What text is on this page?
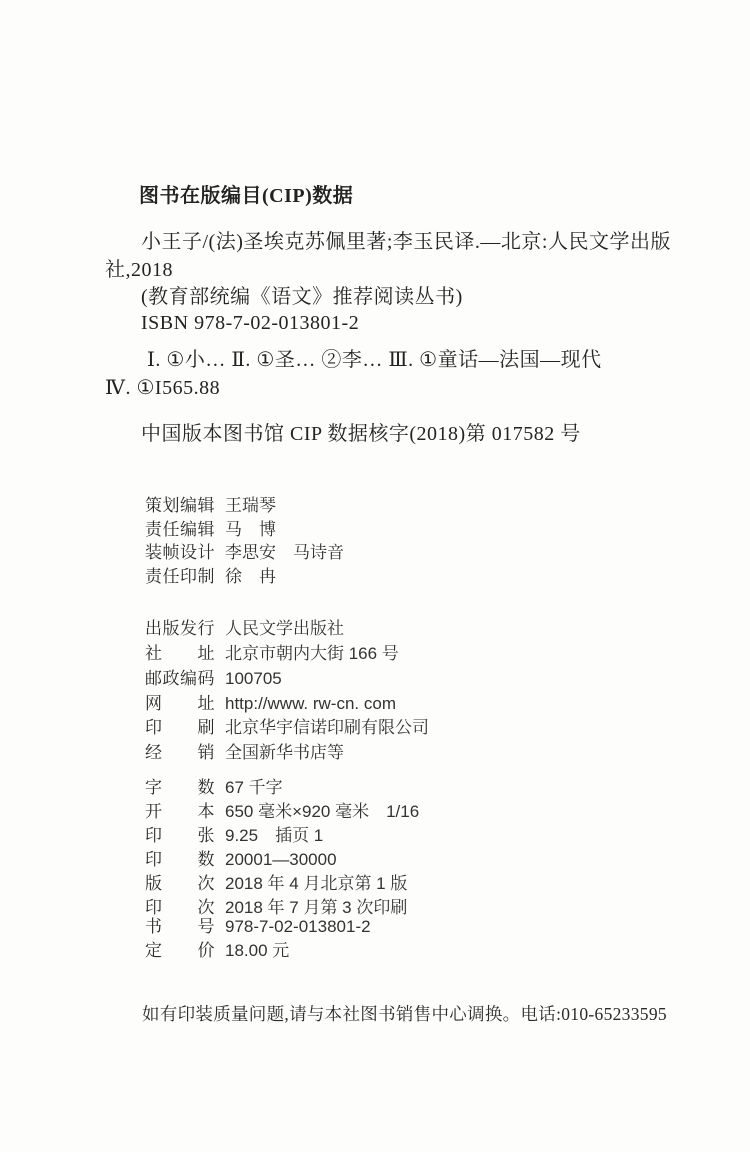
图书在版编目(CIP)数据
小王子/(法)圣埃克苏佩里著;李玉民译.—北京:人民文学出版
社,2018
(教育部统编《语文》推荐阅读丛书)
ISBN 978-7-02-013801-2
Ⅰ. ①小… Ⅱ. ①圣… ②李… Ⅲ. ①童话—法国—现代
Ⅳ. ①I565.88
中国版本图书馆 CIP 数据核字(2018)第 017582 号
策划编辑 王瑞琴
责任编辑 马　博
装帧设计 李思安　马诗音
责任印制 徐　冉
出版发行 人民文学出版社
社　　址 北京市朝内大街 166 号
邮政编码 100705
网　　址 http://www. rw-cn. com
印　　刷 北京华宇信诺印刷有限公司
经　　销 全国新华书店等
字　　数 67 千字
开　　本 650 毫米×920 毫米　1/16
印　　张 9.25　插页 1
印　　数 20001—30000
版　　次 2018 年 4 月北京第 1 版
印　　次 2018 年 7 月第 3 次印刷
书　　号 978-7-02-013801-2
定　　价 18.00 元
如有印装质量问题,请与本社图书销售中心调换。电话:010-65233595
